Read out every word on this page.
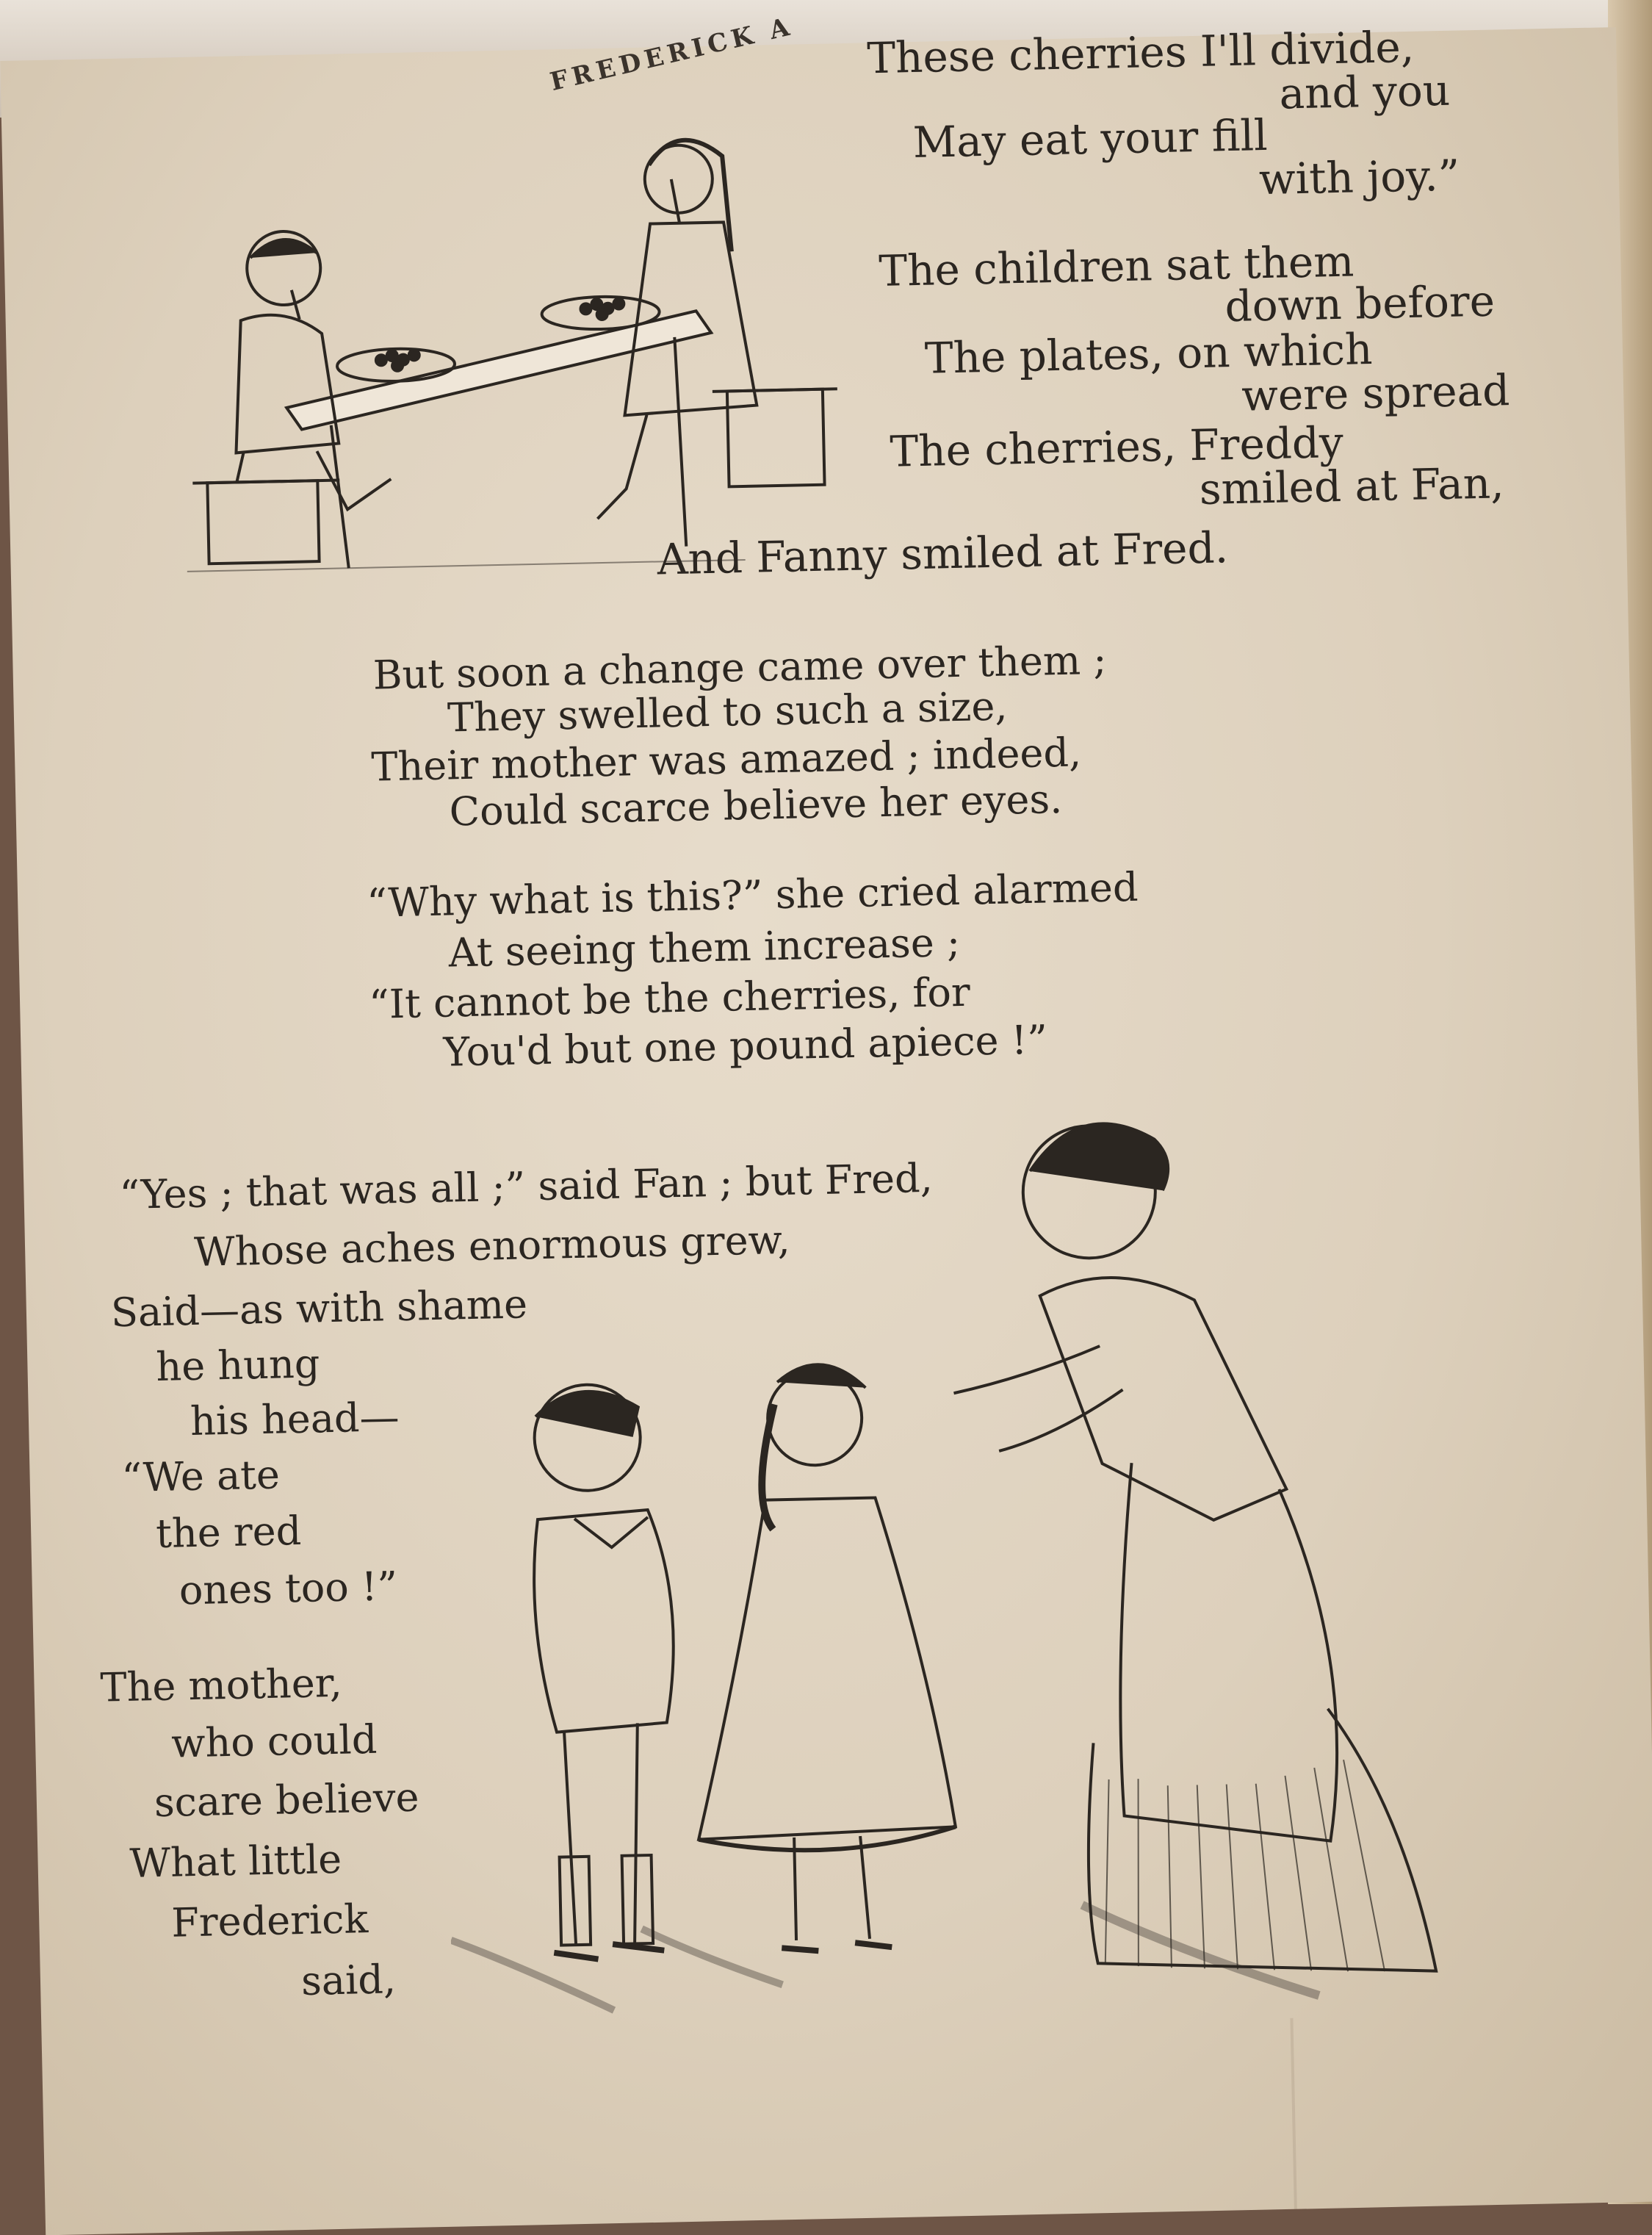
FREDERICK A These cherries I'll divide,
and you
May eat your fill
with joy.”
The children sat them
down before
The plates, on which
were spread
The cherries, Freddy
smiled at Fan,
And Fanny smiled at Fred.
But soon a change came over them ;
They swelled to such a size,
Their mother was amazed ; indeed,
Could scarce believe her eyes.
“Why what is this?” she cried alarmed
At seeing them increase ;
“It cannot be the cherries, for
You'd but one pound apiece !”
“Yes ; that was all ;” said Fan ; but Fred,
Whose aches enormous grew,
Said—as with shame
he hung
his head—
“We ate
the red
ones too !”
The mother,
who could
scare believe
What little
Frederick
said,
